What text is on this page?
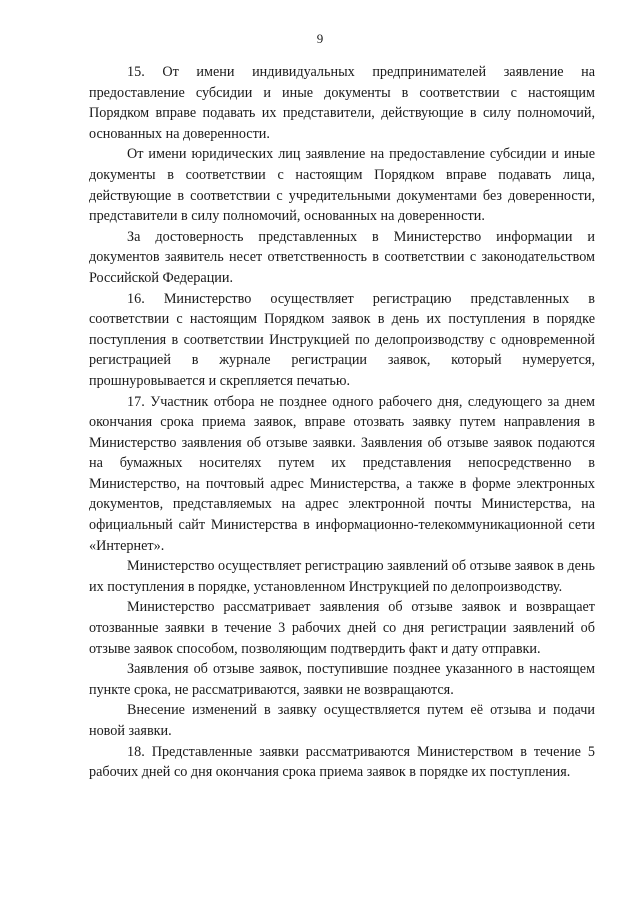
9

15. От имени индивидуальных предпринимателей заявление на предоставление субсидии и иные документы в соответствии с настоящим Порядком вправе подавать их представители, действующие в силу полномочий, основанных на доверенности.

От имени юридических лиц заявление на предоставление субсидии и иные документы в соответствии с настоящим Порядком вправе подавать лица, действующие в соответствии с учредительными документами без доверенности, представители в силу полномочий, основанных на доверенности.

За достоверность представленных в Министерство информации и документов заявитель несет ответственность в соответствии с законодательством Российской Федерации.

16. Министерство осуществляет регистрацию представленных в соответствии с настоящим Порядком заявок в день их поступления в порядке поступления в соответствии Инструкцией по делопроизводству с одновременной регистрацией в журнале регистрации заявок, который нумеруется, прошнуровывается и скрепляется печатью.

17. Участник отбора не позднее одного рабочего дня, следующего за днем окончания срока приема заявок, вправе отозвать заявку путем направления в Министерство заявления об отзыве заявки. Заявления об отзыве заявок подаются на бумажных носителях путем их представления непосредственно в Министерство, на почтовый адрес Министерства, а также в форме электронных документов, представляемых на адрес электронной почты Министерства, на официальный сайт Министерства в информационно-телекоммуникационной сети «Интернет».

Министерство осуществляет регистрацию заявлений об отзыве заявок в день их поступления в порядке, установленном Инструкцией по делопроизводству.

Министерство рассматривает заявления об отзыве заявок и возвращает отозванные заявки в течение 3 рабочих дней со дня регистрации заявлений об отзыве заявок способом, позволяющим подтвердить факт и дату отправки.

Заявления об отзыве заявок, поступившие позднее указанного в настоящем пункте срока, не рассматриваются, заявки не возвращаются.

Внесение изменений в заявку осуществляется путем её отзыва и подачи новой заявки.

18. Представленные заявки рассматриваются Министерством в течение 5 рабочих дней со дня окончания срока приема заявок в порядке их поступления.
